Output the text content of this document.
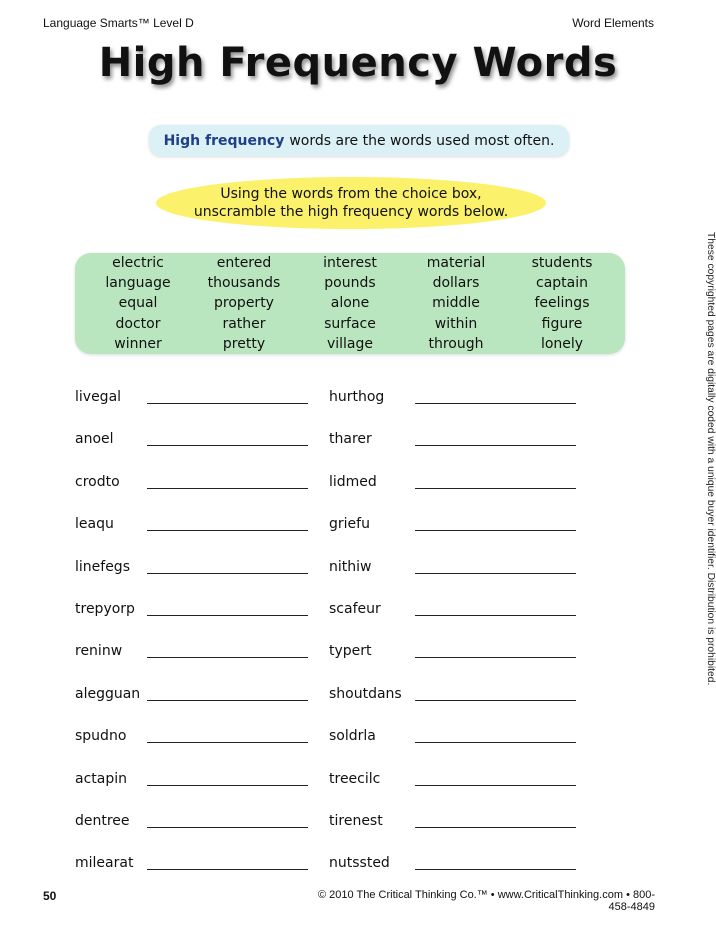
Language Smarts™ Level D	Word Elements
High Frequency Words
High frequency words are the words used most often.
Using the words from the choice box,
unscramble the high frequency words below.
electric
language
equal
doctor
winner
entered
thousands
property
rather
pretty
interest
pounds
alone
surface
village
material
dollars
middle
within
through
students
captain
feelings
figure
lonely
livegal
anoel
crodto
leaqu
linefegs
trepyorp
reninw
alegguan
spudno
actapin
dentree
milearat
hurthog
tharer
lidmed
griefu
nithiw
scafeur
typert
shoutdans
soldrla
treecilc
tirenest
nutssted
These copyrighted pages are digitally coded with a unique buyer identifier. Distribution is prohibited.
50	© 2010 The Critical Thinking Co.™ • www.CriticalThinking.com • 800-458-4849
